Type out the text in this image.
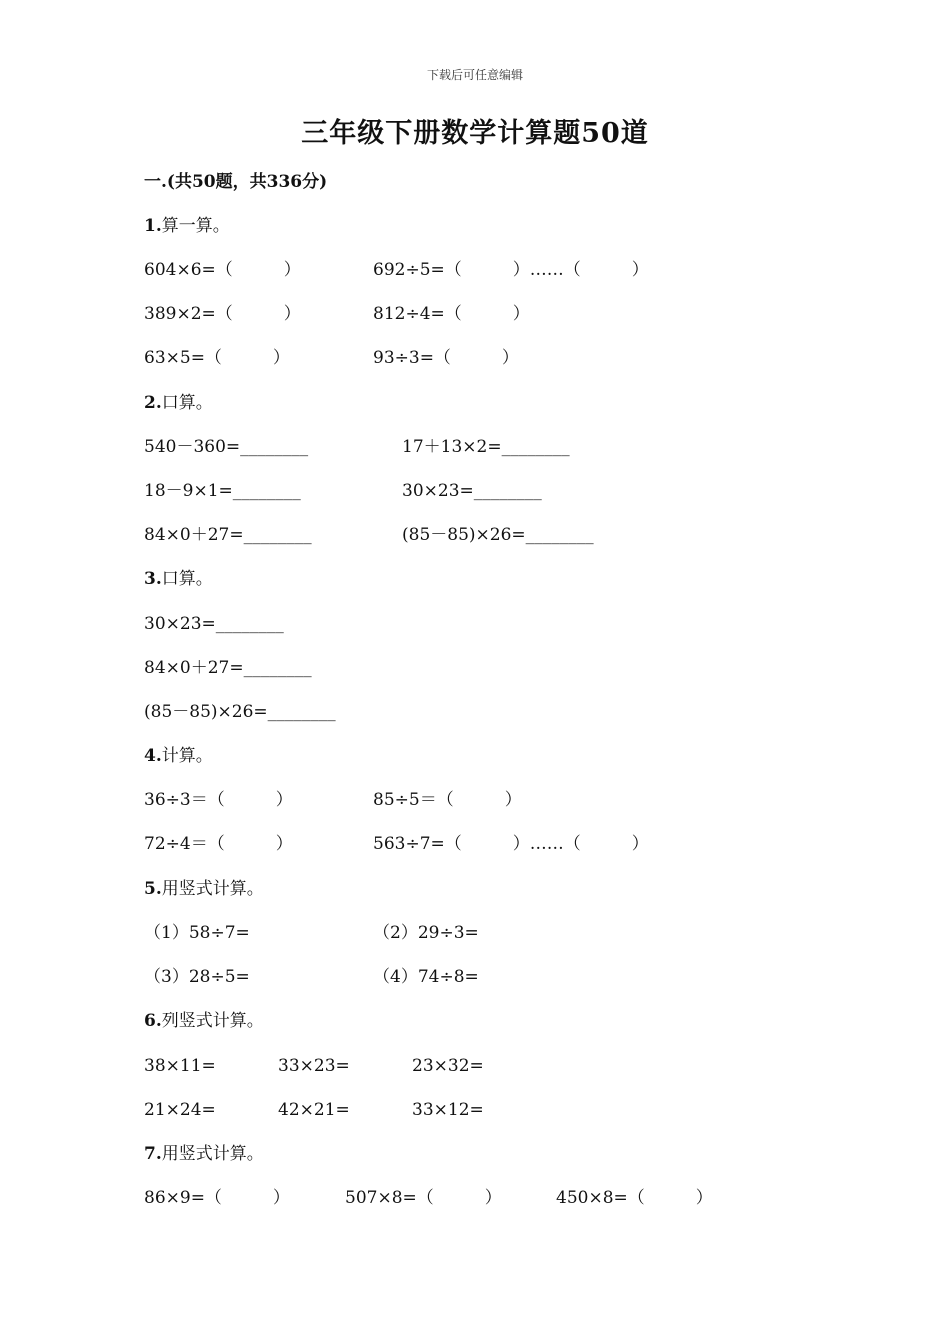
下载后可任意编辑
三年级下册数学计算题50道
一.(共50题，共336分)
1.算一算。
604×6=（　　　）	692÷5=（　　　）……（　　　）
389×2=（　　　）	812÷4=（　　　）
63×5=（　　　）	93÷3=（　　　）
2.口算。
540－360=________	17＋13×2=________
18－9×1=________	30×23=________
84×0＋27=________	(85－85)×26=________
3.口算。
30×23=________
84×0＋27=________
(85－85)×26=________
4.计算。
36÷3＝（　　　）	85÷5＝（　　　）
72÷4＝（　　　）	563÷7=（　　　）……（　　　）
5.用竖式计算。
（1）58÷7=	（2）29÷3=
（3）28÷5=	（4）74÷8=
6.列竖式计算。
38×11=	33×23=	23×32=
21×24=	42×21=	33×12=
7.用竖式计算。
86×9=（　　　）	507×8=（　　　）	450×8=（　　　）
